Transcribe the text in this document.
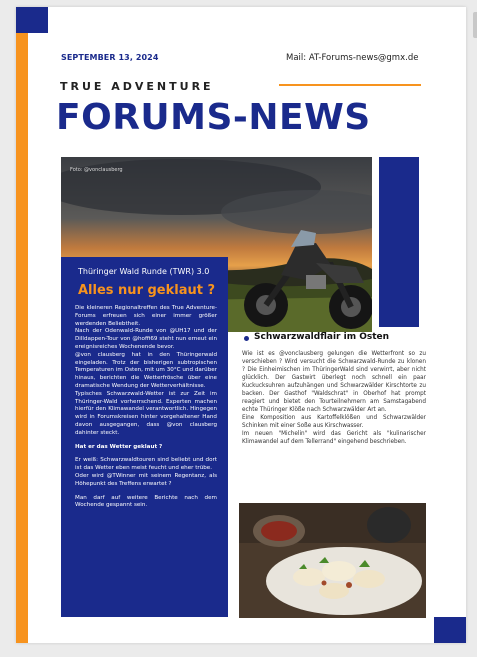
SEPTEMBER 13, 2024	Mail: AT-Forums-news@gmx.de
TRUE ADVENTURE
FORUMS-NEWS
Foto: @vonclausberg
Thüringer Wald Runde (TWR) 3.0
Alles nur geklaut ?

Die kleineren Regionaltreffen des True Adventure-Forums erfreuen sich einer immer größer werdenden Beliebtheit.

Nach der Odenwald-Runde von @UH17 und der Dilldappen-Tour von @hoffi69 steht nun erneut ein ereignisreiches Wochenende bevor.

@von clausberg hat in den Thüringerwald eingeladen. Trotz der bisherigen subtropischen Temperaturen im Osten, mit um 30°C und darüber hinaus, berichten die Wetterfrösche über eine dramatische Wendung der Wetterverhältnisse.

Typisches Schwarzwald-Wetter ist zur Zeit im Thüringer-Wald vorherrschend. Experten machen hierfür den Klimawandel verantwortlich. Hingegen wird in Forumskreisen hinter vorgehaltener Hand davon ausgegangen, dass @von clausberg dahinter steckt.

Hat er das Wetter geklaut ?

Er weiß: Schwarzwaldtouren sind beliebt und dort ist das Wetter eben meist feucht und eher trübe.

Oder wird @TWinner mit seinem Regentanz, als Höhepunkt des Treffens erwartet ?

Man darf auf weitere Berichte nach dem Wochende gespannt sein.

Schwarzwaldflair im Osten

Wie ist es @vonclausberg gelungen die Wetterfront so zu verschieben ? Wird versucht die Schwarzwald-Runde zu klonen ? Die Einheimischen im ThüringerWald sind verwirrt, aber nicht glücklich. Der Gastwirt überlegt noch schnell ein paar Kuckucksuhren aufzuhängen und Schwarzwälder Kirschtorte zu backen. Der Gasthof "Waldschrat" in Oberhof hat prompt reagiert und bietet den Tourteilnehmern am Samstagabend echte Thüringer Klöße nach Schwarzwälder Art an.

Eine Komposition aus Kartoffelklößen und Schwarzwälder Schinken mit einer Soße aus Kirschwasser.

Im neuen "Michelin" wird das Gericht als "kulinarischer Klimawandel auf dem Tellerrand" eingehend beschrieben.
